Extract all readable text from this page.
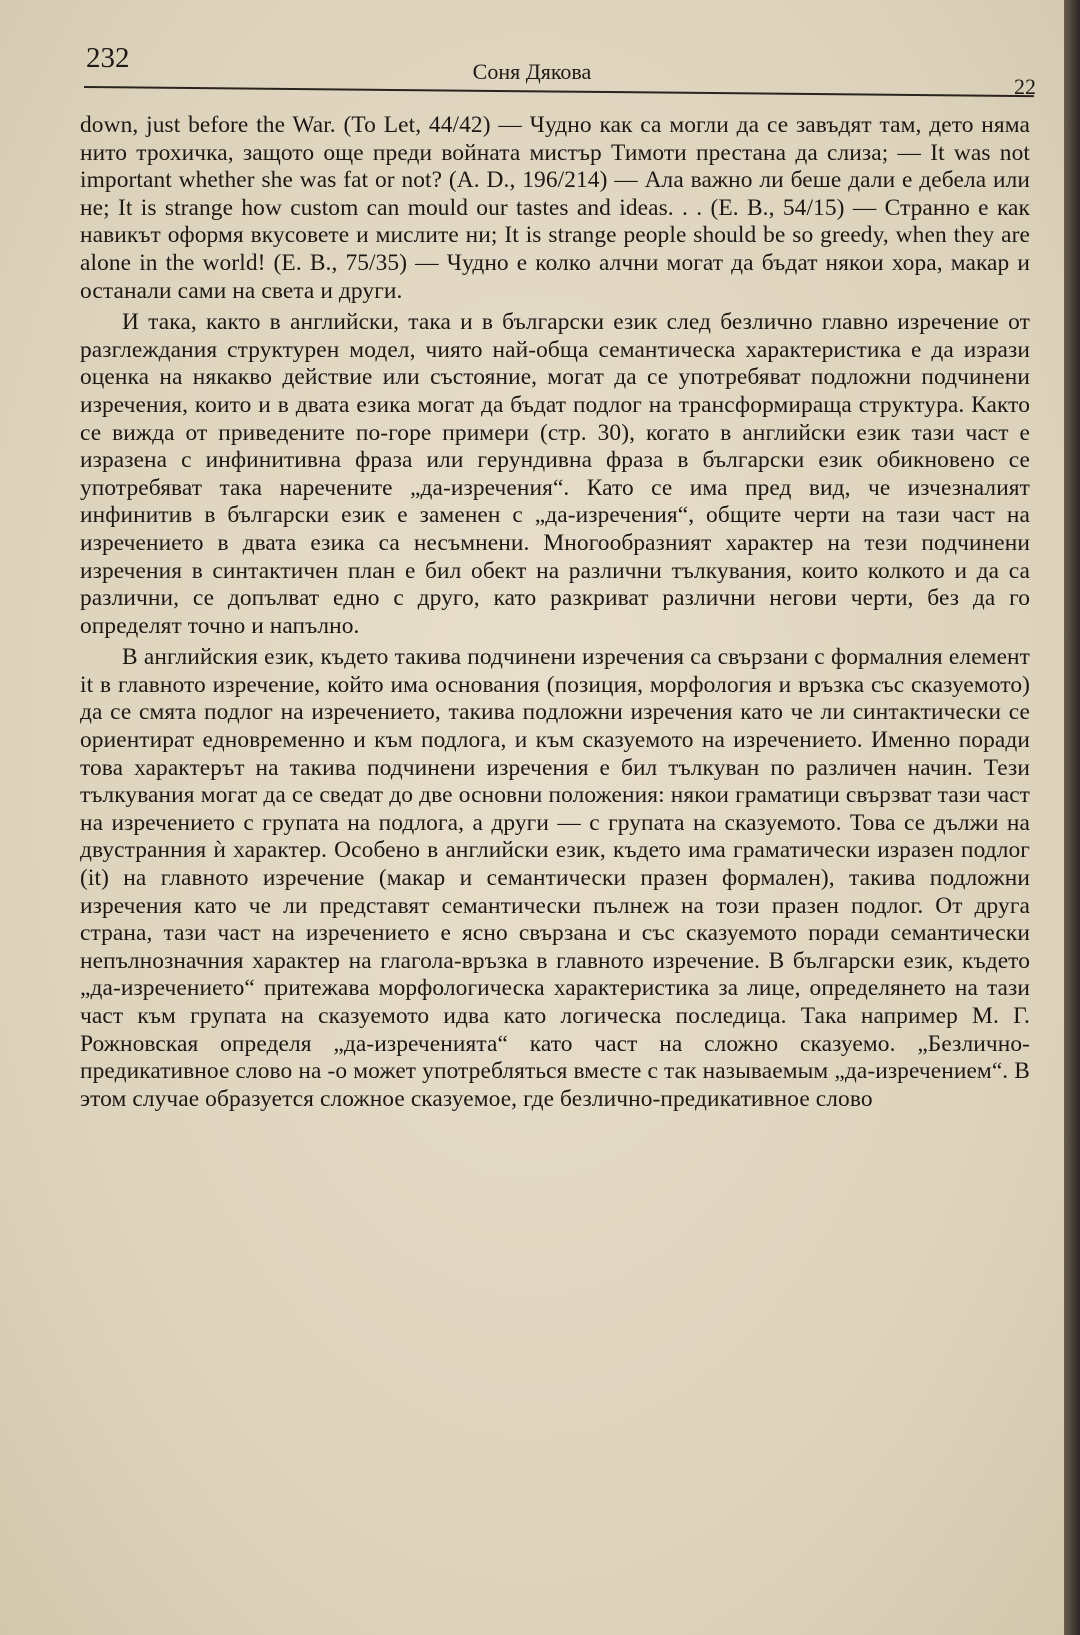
232	Соня Дякова
22

down, just before the War. (To Let, 44/42) — Чудно как са могли да се завъдят там, дето няма нито трохичка, защото още преди войната мистър Тимоти престана да слиза; — It was not important whether she was fat or not? (A. D., 196/214) — Ала важно ли беше дали е дебела или не; It is strange how custom can mould our tastes and ideas. . . (E. B., 54/15) — Странно е как навикът оформя вкусовете и мислите ни; It is strange people should be so greedy, when they are alone in the world! (E. B., 75/35) — Чудно е колко алчни могат да бъдат някои хора, макар и останали сами на света и други.

И така, както в английски, така и в български език след безлично главно изречение от разглеждания структурен модел, чиято най-обща семантическа характеристика е да изрази оценка на някакво действие или състояние, могат да се употребяват подложни подчинени изречения, които и в двата езика могат да бъдат подлог на трансформираща структура. Както се вижда от приведените по-горе примери (стр. 30), когато в английски език тази част е изразена с инфинитивна фраза или герундивна фраза в български език обикновено се употребяват така наречените „да-изречения“. Като се има пред вид, че изчезналият инфинитив в български език е заменен с „да-изречения“, общите черти на тази част на изречението в двата езика са несъмнени. Многообразният характер на тези подчинени изречения в синтактичен план е бил обект на различни тълкувания, които колкото и да са различни, се допълват едно с друго, като разкриват различни негови черти, без да го определят точно и напълно.

В английския език, където такива подчинени изречения са свързани с формалния елемент it в главното изречение, който има основания (позиция, морфология и връзка със сказуемото) да се смята подлог на изречението, такива подложни изречения като че ли синтактически се ориентират едновременно и към подлога, и към сказуемото на изречението. Именно поради това характерът на такива подчинени изречения е бил тълкуван по различен начин. Тези тълкувания могат да се сведат до две основни положения: някои граматици свързват тази част на изречението с групата на подлога, а други — с групата на сказуемото. Това се дължи на двустранния ѝ характер. Особено в английски език, където има граматически изразен подлог (it) на главното изречение (макар и семантически празен формален), такива подложни изречения като че ли представят семантически пълнеж на този празен подлог. От друга страна, тази част на изречението е ясно свързана и със сказуемото поради семантически непълнозначния характер на глагола-връзка в главното изречение. В български език, където „да-изречението“ притежава морфологическа характеристика за лице, определянето на тази част към групата на сказуемото идва като логическа последица. Така например М. Г. Рожновская определя „да-изреченията“ като част на сложно сказуемо. „Безлично-предикативное слово на -о может употребляться вместе с так называемым „да-изречением“. В этом случае образуется сложное сказуемое, где безлично-предикативное слово
